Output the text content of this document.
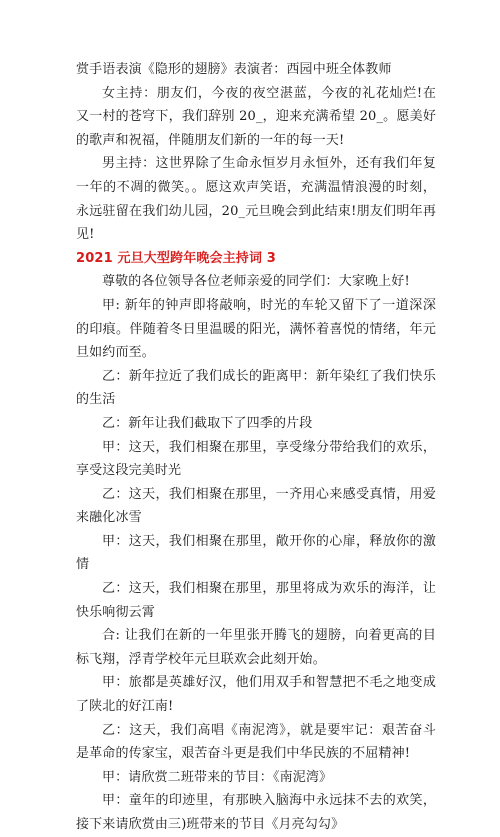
赏手语表演《隐形的翅膀》表演者：西园中班全体教师

女主持：朋友们，今夜的夜空湛蓝，今夜的礼花灿烂!在又一村的苍穹下，我们辞别 20_，迎来充满希望 20_。愿美好的歌声和祝福，伴随朋友们新的一年的每一天!

男主持：这世界除了生命永恒岁月永恒外，还有我们年复一年的不凋的微笑。。愿这欢声笑语，充满温情浪漫的时刻，永远驻留在我们幼儿园，20_元旦晚会到此结束!朋友们明年再见!

2021 元旦大型跨年晚会主持词 3

尊敬的各位领导各位老师亲爱的同学们：大家晚上好!

甲: 新年的钟声即将敲响，时光的车轮又留下了一道深深的印痕。伴随着冬日里温暖的阳光，满怀着喜悦的情绪，年元旦如约而至。

乙：新年拉近了我们成长的距离甲：新年染红了我们快乐的生活

乙：新年让我们截取下了四季的片段

甲：这天，我们相聚在那里，享受缘分带给我们的欢乐，享受这段完美时光

乙：这天，我们相聚在那里，一齐用心来感受真情，用爱来融化冰雪

甲：这天，我们相聚在那里，敞开你的心扉，释放你的激情

乙：这天，我们相聚在那里，那里将成为欢乐的海洋，让快乐响彻云霄

合: 让我们在新的一年里张开腾飞的翅膀，向着更高的目标飞翔，浮青学校年元旦联欢会此刻开始。

甲：旅都是英雄好汉，他们用双手和智慧把不毛之地变成了陕北的好江南!

乙：这天，我们高唱《南泥湾》，就是要牢记：艰苦奋斗是革命的传家宝，艰苦奋斗更是我们中华民族的不屈精神!

甲：请欣赏二班带来的节目：《南泥湾》

甲：童年的印迹里，有那映入脑海中永远抹不去的欢笑，接下来请欣赏由三)班带来的节目《月亮勾勾》
